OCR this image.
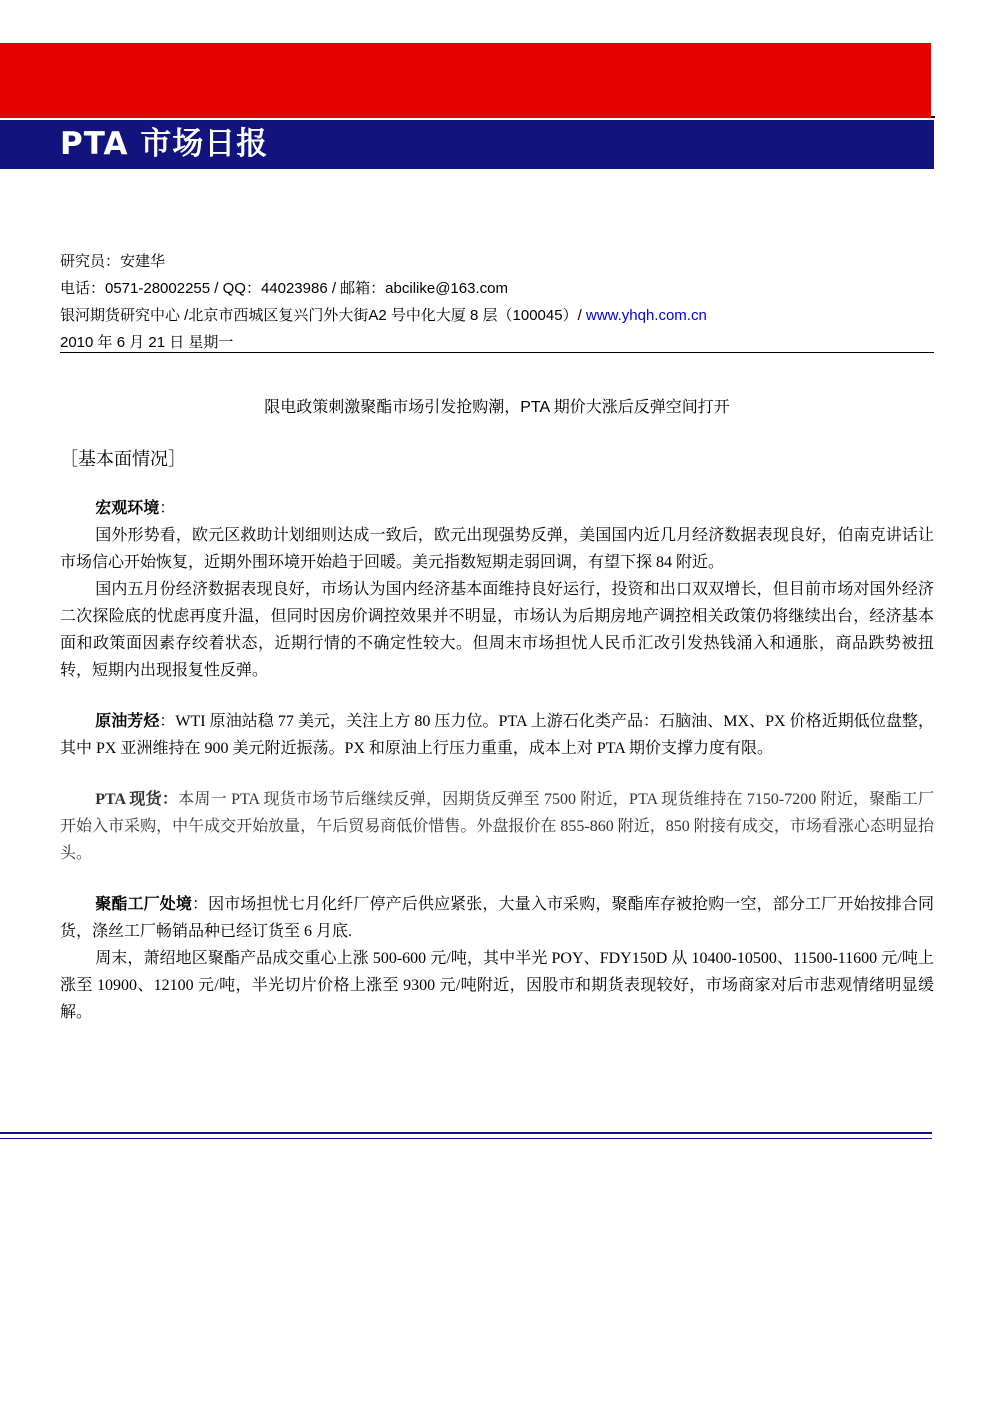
PTA 市场日报
研究员：安建华
电话：0571-28002255 / QQ：44023986 / 邮箱：abcilike@163.com
银河期货研究中心 /北京市西城区复兴门外大街A2 号中化大厦 8 层（100045）/ www.yhqh.com.cn
2010 年 6 月 21 日 星期一
限电政策刺激聚酯市场引发抢购潮，PTA 期价大涨后反弹空间打开
［基本面情况］

宏观环境：

国外形势看，欧元区救助计划细则达成一致后，欧元出现强势反弹，美国国内近几月经济数据表现良好，伯南克讲话让市场信心开始恢复，近期外围环境开始趋于回暖。美元指数短期走弱回调，有望下探 84 附近。

国内五月份经济数据表现良好，市场认为国内经济基本面维持良好运行，投资和出口双双增长，但目前市场对国外经济二次探险底的忧虑再度升温，但同时因房价调控效果并不明显，市场认为后期房地产调控相关政策仍将继续出台，经济基本面和政策面因素存绞着状态，近期行情的不确定性较大。但周末市场担忧人民币汇改引发热钱涌入和通胀，商品跌势被扭转，短期内出现报复性反弹。

原油芳烃：WTI 原油站稳 77 美元，关注上方 80 压力位。PTA 上游石化类产品：石脑油、MX、PX 价格近期低位盘整，其中 PX 亚洲维持在 900 美元附近振荡。PX 和原油上行压力重重，成本上对 PTA 期价支撑力度有限。

PTA 现货：本周一 PTA 现货市场节后继续反弹，因期货反弹至 7500 附近，PTA 现货维持在 7150-7200 附近，聚酯工厂开始入市采购，中午成交开始放量，午后贸易商低价惜售。外盘报价在 855-860 附近，850 附接有成交，市场看涨心态明显抬头。

聚酯工厂处境：因市场担忧七月化纤厂停产后供应紧张，大量入市采购，聚酯库存被抢购一空，部分工厂开始按排合同货，涤丝工厂畅销品种已经订货至 6 月底.

周末，萧绍地区聚酯产品成交重心上涨 500-600 元/吨，其中半光 POY、FDY150D 从 10400-10500、11500-11600 元/吨上涨至 10900、12100 元/吨，半光切片价格上涨至 9300 元/吨附近，因股市和期货表现较好，市场商家对后市悲观情绪明显缓解。
